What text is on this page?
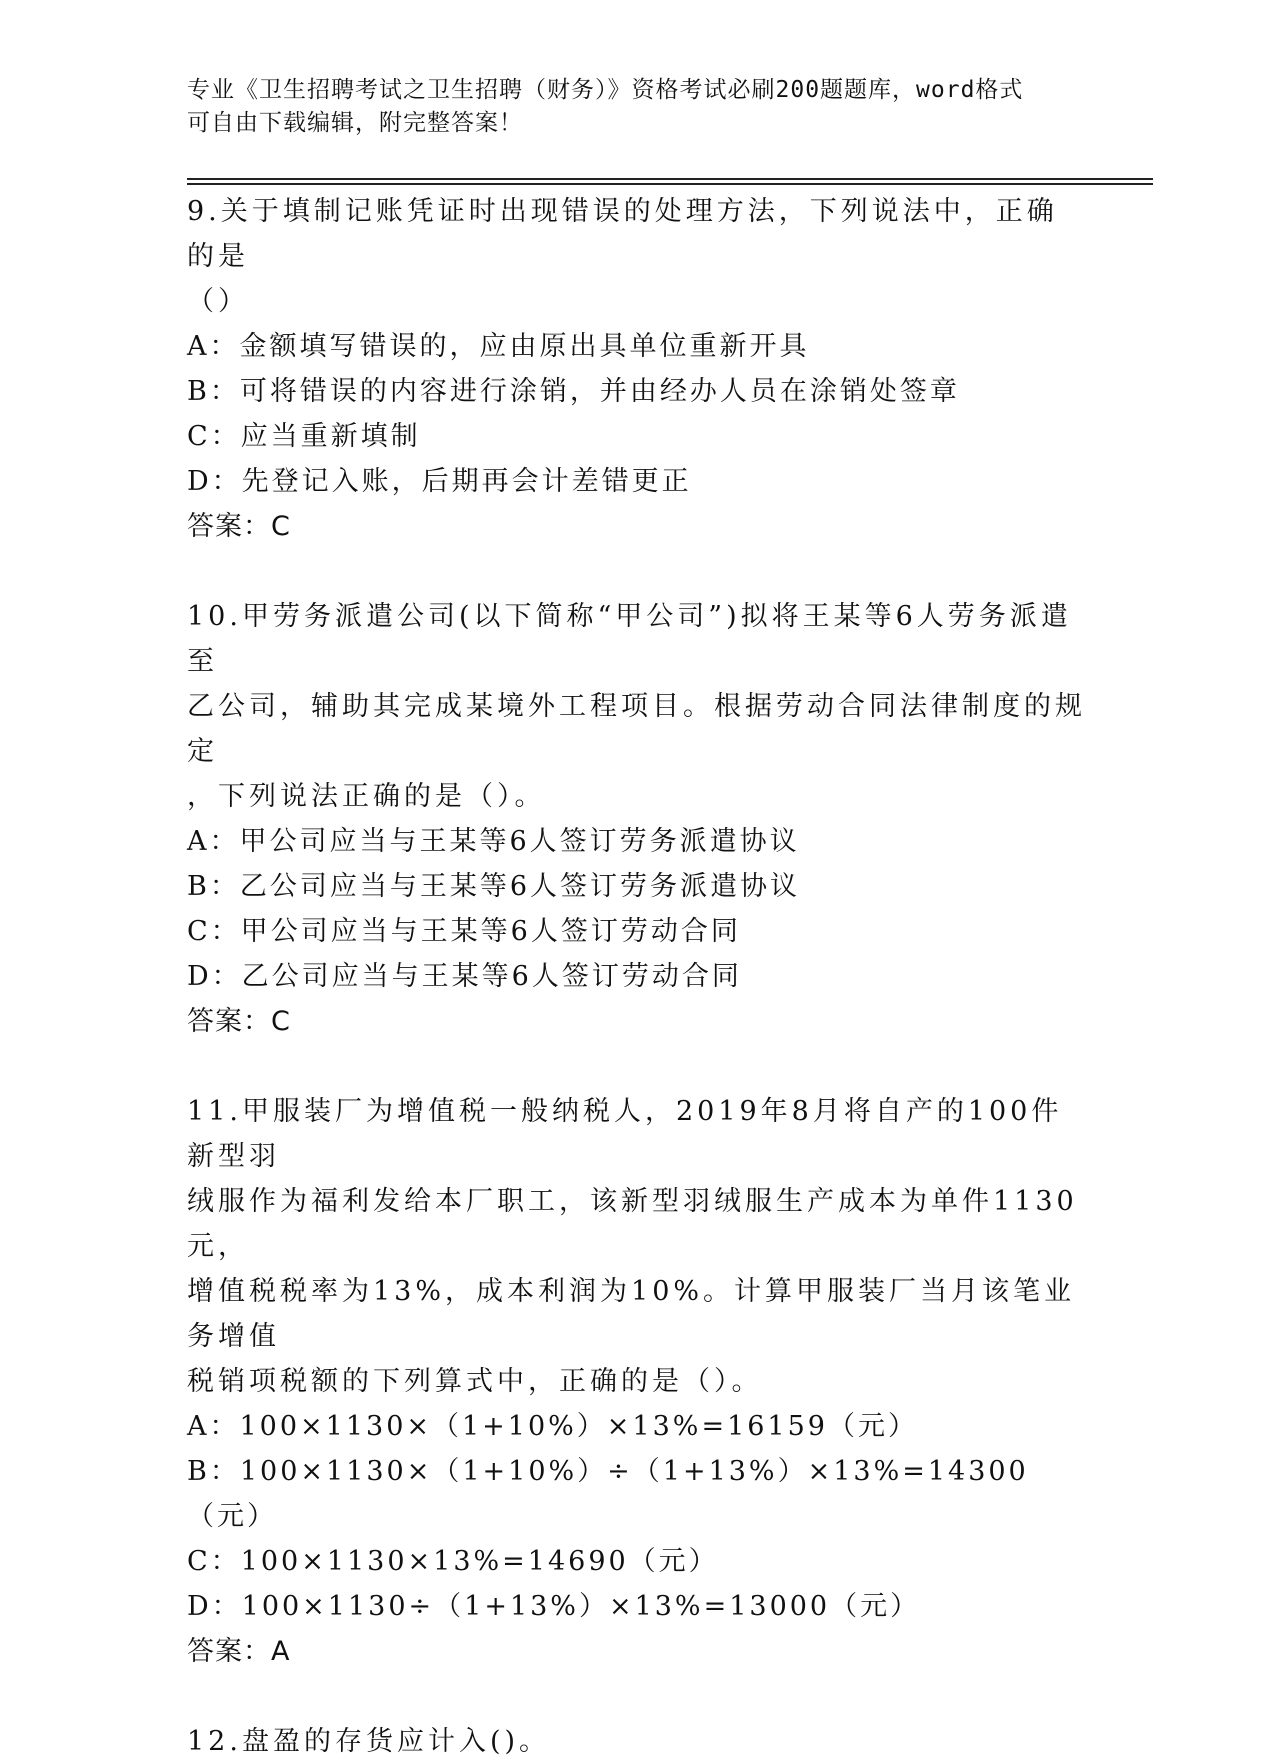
专业《卫生招聘考试之卫生招聘（财务）》资格考试必刷200题题库，word格式
可自由下载编辑，附完整答案！

9.关于填制记账凭证时出现错误的处理方法，下列说法中，正确的是

（）

A：金额填写错误的，应由原出具单位重新开具

B：可将错误的内容进行涂销，并由经办人员在涂销处签章

C：应当重新填制

D：先登记入账，后期再会计差错更正

答案：C

10.甲劳务派遣公司(以下简称“甲公司”)拟将王某等6人劳务派遣至

乙公司，辅助其完成某境外工程项目。根据劳动合同法律制度的规定

，下列说法正确的是（）。

A：甲公司应当与王某等6人签订劳务派遣协议

B：乙公司应当与王某等6人签订劳务派遣协议

C：甲公司应当与王某等6人签订劳动合同

D：乙公司应当与王某等6人签订劳动合同

答案：C

11.甲服装厂为增值税一般纳税人，2019年8月将自产的100件新型羽

绒服作为福利发给本厂职工，该新型羽绒服生产成本为单件1130元，

增值税税率为13%，成本利润为10%。计算甲服装厂当月该笔业务增值

税销项税额的下列算式中，正确的是（）。

A：100×1130×（1+10%）×13%=16159（元）

B：100×1130×（1+10%）÷（1+13%）×13%=14300（元）

C：100×1130×13%=14690（元）

D：100×1130÷（1+13%）×13%=13000（元）

答案：A

12.盘盈的存货应计入()。
